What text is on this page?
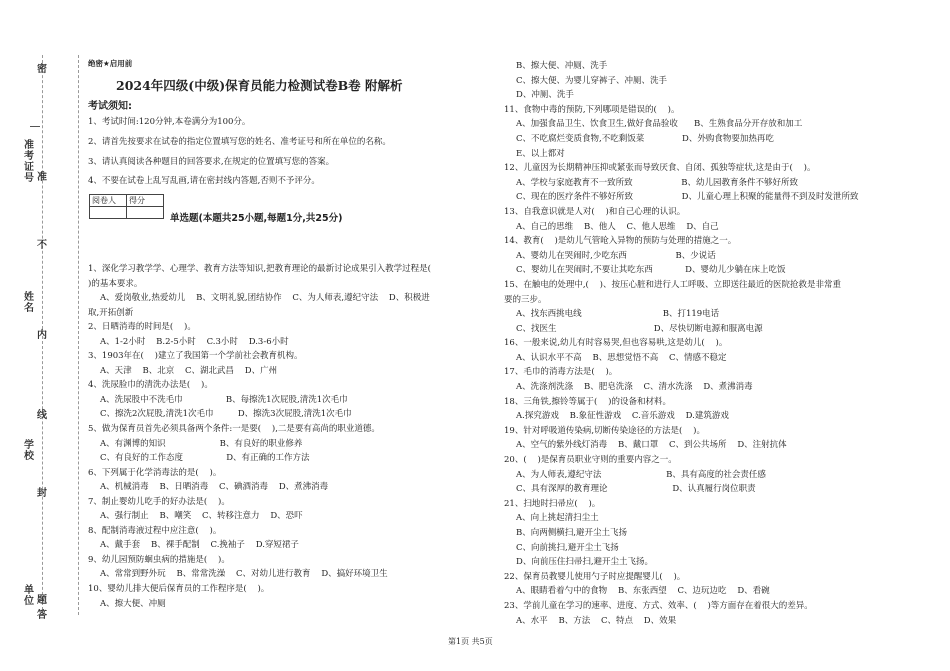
密
封
线
内
不
准
答
题
准考证号
姓名
学校
单位
绝密★启用前
2024年四级(中级)保育员能力检测试卷B卷 附解析
考试须知:
1、考试时间:120分钟,本卷满分为100分。
2、请首先按要求在试卷的指定位置填写您的姓名、准考证号和所在单位的名称。
3、请认真阅读各种题目的回答要求,在规定的位置填写您的答案。
4、不要在试卷上乱写乱画,请在密封线内答题,否则不予评分。
阅卷人	得分

单选题(本题共25小题,每题1分,共25分)
1、深化学习教学学、心理学、教育方法等知识,把教育理论的最新讨论成果引入教学过程是(
)的基本要求。
A、爱岗敬业,热爱幼儿    B、文明礼貌,团结协作    C、为人师表,遵纪守法    D、积极进
取,开拓创新
2、日晒消毒的时间是(    )。
A、1-2小时    B.2-5小时    C.3小时    D.3-6小时
3、1903年在(    )建立了我国第一个学前社会教育机构。
A、天津    B、北京    C、湖北武昌    D、广州
4、洗尿脸巾的清洗办法是(    )。
A、洗尿股中不洗毛巾                B、每擦洗1次屁股,清洗1次毛巾
C、擦洗2次屁股,清洗1次毛巾         D、擦洗3次屁股,清洗1次毛巾
5、做为保育员首先必须具备两个条件:一是要(    ),二是要有高尚的职业道德。
A、有渊博的知识                    B、有良好的职业修养
C、有良好的工作态度                D、有正确的工作方法
6、下列属于化学消毒法的是(    )。
A、机械消毒    B、日晒消毒    C、碘酒消毒    D、煮沸消毒
7、制止婴幼儿吃手的好办法是(    )。
A、强行制止    B、嘲笑    C、转移注意力    D、恐吓
8、配制消毒液过程中应注意(    )。
A、戴手套    B、裸手配制    C.挽袖子    D.穿短裙子
9、幼儿园预防蛔虫病的措施是(    )。
A、常常到野外玩    B、常常洗澡    C、对幼儿进行教育    D、搞好环境卫生
10、婴幼儿排大便后保育员的工作程序是(    )。
A、擦大便、冲厕
B、擦大便、冲厕、洗手
C、擦大便、为婴儿穿裤子、冲厕、洗手
D、冲厕、洗手
11、食物中毒的预防,下列哪项是错误的(    )。
A、加强食品卫生、饮食卫生,做好食品验收      B、生熟食品分开存放和加工
C、不吃腐烂变质食物,不吃剩饭菜              D、外购食物要加热再吃
E、以上都对
12、儿童因为长期精神压抑或紧张而导致厌食、自闭、孤独等症状,这是由于(    )。
A、学校与家庭教育不一致所致                  B、幼儿园教育条件不够好所致
C、现在的医疗条件不够好所致                  D、儿童心理上积聚的能量得不到及时发泄所致
13、自我意识就是人对(    )和自己心理的认识。
A、自己的思维    B、他人    C、他人思维    D、自己
14、教育(    )是幼儿气管呛入异物的预防与处理的措施之一。
A、婴幼儿在哭闹时,少吃东西                  B、少说话
C、婴幼儿在哭闹时,不要让其吃东西            D、婴幼儿少躺在床上吃饭
15、在触电的处理中,(    )、按压心脏和进行人工呼吸、立即送往最近的医院抢救是非常重
要的三步。
A、找东西挑电线                              B、打119电话
C、找医生                                    D、尽快切断电源和服离电源
16、一般来说,幼儿有时容易哭,但也容易哄,这是幼儿(    )。
A、认识水平不高    B、思想觉悟不高    C、情感不稳定
17、毛巾的消毒方法是(    )。
A、洗涤剂洗涤    B、肥皂洗涤    C、清水洗涤    D、煮沸消毒
18、三角铁,擦铃等属于(    )的设备和材料。
A.探究游戏    B.象征性游戏    C.音乐游戏    D.建筑游戏
19、针对呼吸道传染病,切断传染途径的方法是(    )。
A、空气的紫外线灯消毒    B、戴口罩    C、到公共场所    D、注射抗体
20、(    )是保育员职业守则的重要内容之一。
A、为人师表,遵纪守法                        B、具有高度的社会责任感
C、具有深厚的教育理论                        D、认真履行岗位职责
21、扫地时扫帚应(    )。
A、向上挑起清扫尘土
B、向两侧横扫,避开尘土飞扬
C、向前挑扫,避开尘土飞扬
D、向前压住扫帚扫,避开尘土飞扬。
22、保育员教婴儿使用勺子时应提醒婴儿(    )。
A、眼睛看着勺中的食物    B、东张西望    C、边玩边吃    D、看碗
23、学前儿童在学习的速率、进度、方式、效率、(    )等方面存在着很大的差异。
A、水平    B、方法    C、特点    D、效果
第1页 共5页
